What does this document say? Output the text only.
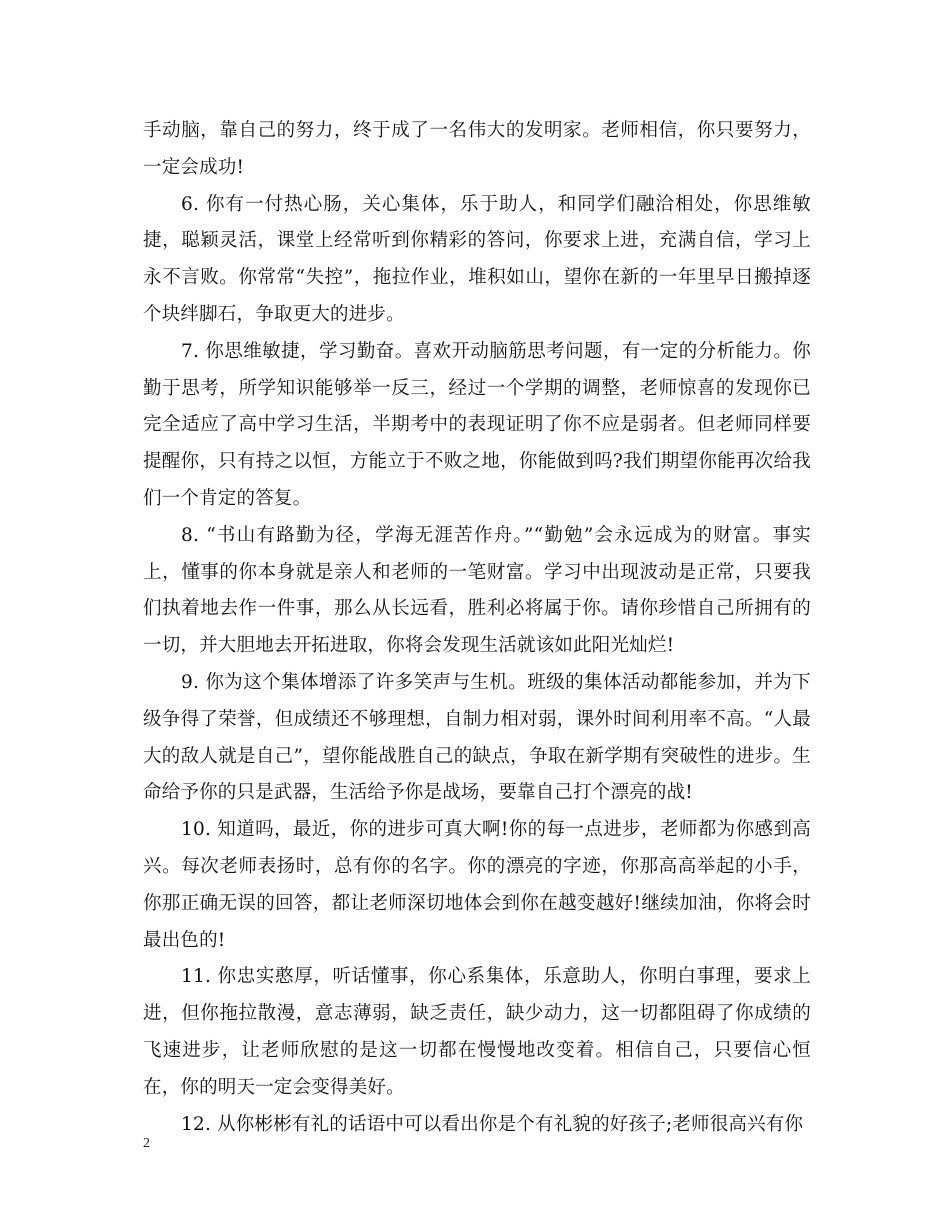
手动脑，靠自己的努力，终于成了一名伟大的发明家。老师相信，你只要努力，一定会成功!

6. 你有一付热心肠，关心集体，乐于助人，和同学们融洽相处，你思维敏捷，聪颖灵活，课堂上经常听到你精彩的答问，你要求上进，充满自信，学习上永不言败。你常常“失控”，拖拉作业，堆积如山，望你在新的一年里早日搬掉逐个块绊脚石，争取更大的进步。

7. 你思维敏捷，学习勤奋。喜欢开动脑筋思考问题，有一定的分析能力。你勤于思考，所学知识能够举一反三，经过一个学期的调整，老师惊喜的发现你已完全适应了高中学习生活，半期考中的表现证明了你不应是弱者。但老师同样要提醒你，只有持之以恒，方能立于不败之地，你能做到吗?我们期望你能再次给我们一个肯定的答复。

8. “书山有路勤为径，学海无涯苦作舟。”“勤勉”会永远成为的财富。事实上，懂事的你本身就是亲人和老师的一笔财富。学习中出现波动是正常，只要我们执着地去作一件事，那么从长远看，胜利必将属于你。请你珍惜自己所拥有的一切，并大胆地去开拓进取，你将会发现生活就该如此阳光灿烂!

9. 你为这个集体增添了许多笑声与生机。班级的集体活动都能参加，并为下级争得了荣誉，但成绩还不够理想，自制力相对弱，课外时间利用率不高。“人最大的敌人就是自己”，望你能战胜自己的缺点，争取在新学期有突破性的进步。生命给予你的只是武器，生活给予你是战场，要靠自己打个漂亮的战!

10. 知道吗，最近，你的进步可真大啊!你的每一点进步，老师都为你感到高兴。每次老师表扬时，总有你的名字。你的漂亮的字迹，你那高高举起的小手，你那正确无误的回答，都让老师深切地体会到你在越变越好!继续加油，你将会时最出色的!

11. 你忠实憨厚，听话懂事，你心系集体，乐意助人，你明白事理，要求上进，但你拖拉散漫，意志薄弱，缺乏责任，缺少动力，这一切都阻碍了你成绩的飞速进步，让老师欣慰的是这一切都在慢慢地改变着。相信自己，只要信心恒在，你的明天一定会变得美好。

12. 从你彬彬有礼的话语中可以看出你是个有礼貌的好孩子;老师很高兴有你

2
